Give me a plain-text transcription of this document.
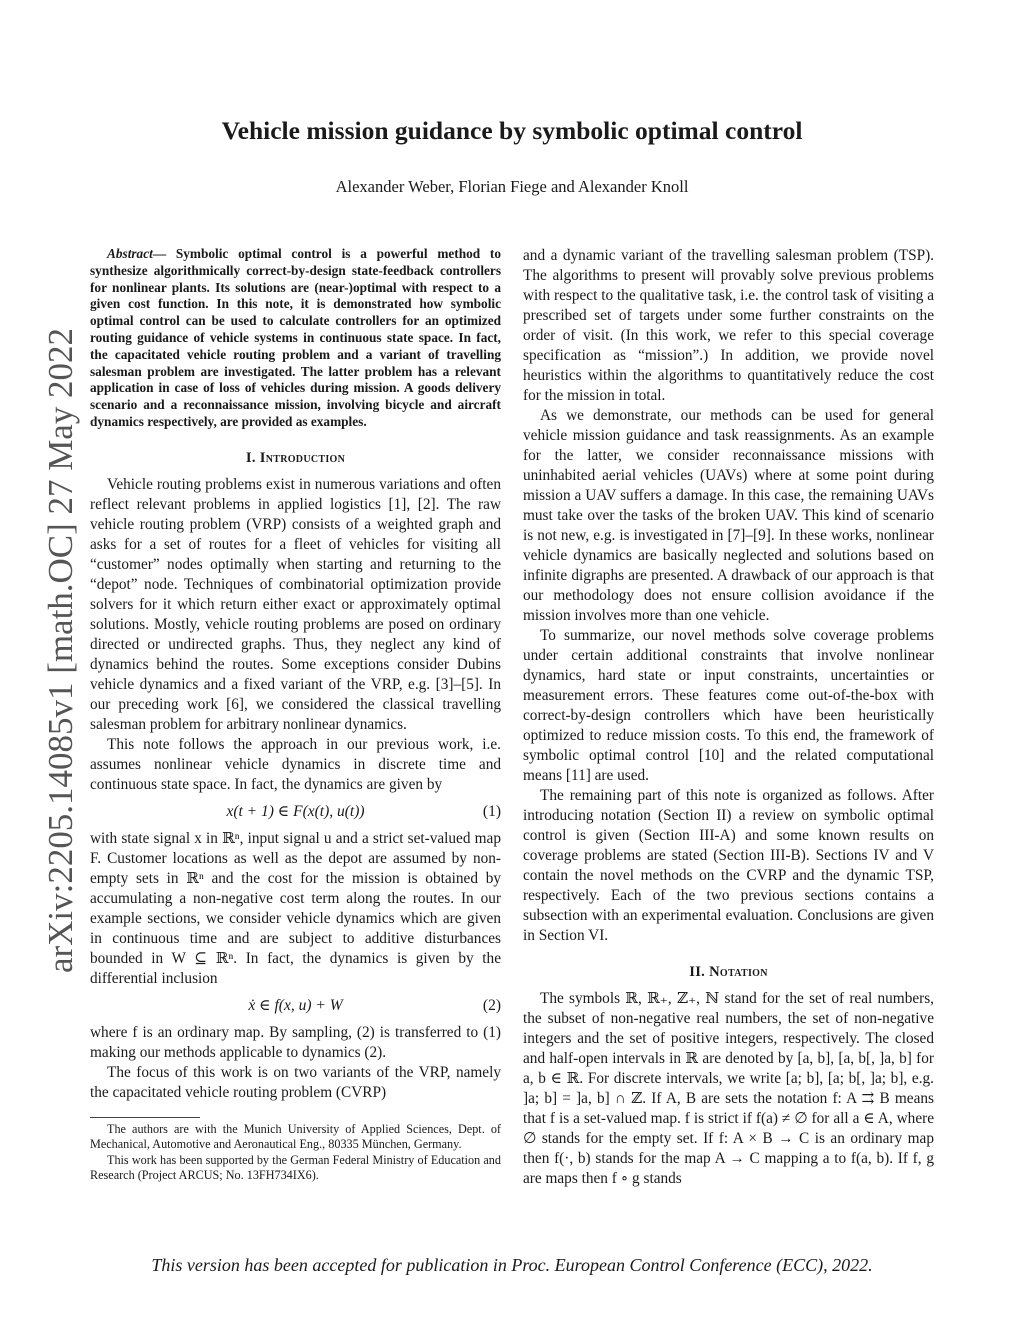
Vehicle mission guidance by symbolic optimal control
Alexander Weber, Florian Fiege and Alexander Knoll
arXiv:2205.14085v1 [math.OC] 27 May 2022

Abstract— Symbolic optimal control is a powerful method to synthesize algorithmically correct-by-design state-feedback controllers for nonlinear plants. Its solutions are (near-)optimal with respect to a given cost function. In this note, it is demonstrated how symbolic optimal control can be used to calculate controllers for an optimized routing guidance of vehicle systems in continuous state space. In fact, the capacitated vehicle routing problem and a variant of travelling salesman problem are investigated. The latter problem has a relevant application in case of loss of vehicles during mission. A goods delivery scenario and a reconnaissance mission, involving bicycle and aircraft dynamics respectively, are provided as examples.

I. Introduction

Vehicle routing problems exist in numerous variations and often reflect relevant problems in applied logistics [1], [2]. The raw vehicle routing problem (VRP) consists of a weighted graph and asks for a set of routes for a fleet of vehicles for visiting all “customer” nodes optimally when starting and returning to the “depot” node. Techniques of combinatorial optimization provide solvers for it which return either exact or approximately optimal solutions. Mostly, vehicle routing problems are posed on ordinary directed or undirected graphs. Thus, they neglect any kind of dynamics behind the routes. Some exceptions consider Dubins vehicle dynamics and a fixed variant of the VRP, e.g. [3]–[5]. In our preceding work [6], we considered the classical travelling salesman problem for arbitrary nonlinear dynamics.

This note follows the approach in our previous work, i.e. assumes nonlinear vehicle dynamics in discrete time and continuous state space. In fact, the dynamics are given by

x(t + 1) ∈ F(x(t), u(t))	(1)

with state signal x in ℝⁿ, input signal u and a strict set-valued map F. Customer locations as well as the depot are assumed by non-empty sets in ℝⁿ and the cost for the mission is obtained by accumulating a non-negative cost term along the routes. In our example sections, we consider vehicle dynamics which are given in continuous time and are subject to additive disturbances bounded in W ⊆ ℝⁿ. In fact, the dynamics is given by the differential inclusion

ẋ ∈ f(x, u) + W	(2)

where f is an ordinary map. By sampling, (2) is transferred to (1) making our methods applicable to dynamics (2).

The focus of this work is on two variants of the VRP, namely the capacitated vehicle routing problem (CVRP)

The authors are with the Munich University of Applied Sciences, Dept. of Mechanical, Automotive and Aeronautical Eng., 80335 München, Germany.

This work has been supported by the German Federal Ministry of Education and Research (Project ARCUS; No. 13FH734IX6).

and a dynamic variant of the travelling salesman problem (TSP). The algorithms to present will provably solve previous problems with respect to the qualitative task, i.e. the control task of visiting a prescribed set of targets under some further constraints on the order of visit. (In this work, we refer to this special coverage specification as “mission”.) In addition, we provide novel heuristics within the algorithms to quantitatively reduce the cost for the mission in total.

As we demonstrate, our methods can be used for general vehicle mission guidance and task reassignments. As an example for the latter, we consider reconnaissance missions with uninhabited aerial vehicles (UAVs) where at some point during mission a UAV suffers a damage. In this case, the remaining UAVs must take over the tasks of the broken UAV. This kind of scenario is not new, e.g. is investigated in [7]–[9]. In these works, nonlinear vehicle dynamics are basically neglected and solutions based on infinite digraphs are presented. A drawback of our approach is that our methodology does not ensure collision avoidance if the mission involves more than one vehicle.

To summarize, our novel methods solve coverage problems under certain additional constraints that involve nonlinear dynamics, hard state or input constraints, uncertainties or measurement errors. These features come out-of-the-box with correct-by-design controllers which have been heuristically optimized to reduce mission costs. To this end, the framework of symbolic optimal control [10] and the related computational means [11] are used.

The remaining part of this note is organized as follows. After introducing notation (Section II) a review on symbolic optimal control is given (Section III-A) and some known results on coverage problems are stated (Section III-B). Sections IV and V contain the novel methods on the CVRP and the dynamic TSP, respectively. Each of the two previous sections contains a subsection with an experimental evaluation. Conclusions are given in Section VI.

II. Notation

The symbols ℝ, ℝ₊, ℤ₊, ℕ stand for the set of real numbers, the subset of non-negative real numbers, the set of non-negative integers and the set of positive integers, respectively. The closed and half-open intervals in ℝ are denoted by [a, b], [a, b[, ]a, b] for a, b ∈ ℝ. For discrete intervals, we write [a; b], [a; b[, ]a; b], e.g. ]a; b] = ]a, b] ∩ ℤ. If A, B are sets the notation f: A ⇉ B means that f is a set-valued map. f is strict if f(a) ≠ ∅ for all a ∈ A, where ∅ stands for the empty set. If f: A × B → C is an ordinary map then f(·, b) stands for the map A → C mapping a to f(a, b). If f, g are maps then f ∘ g stands

This version has been accepted for publication in Proc. European Control Conference (ECC), 2022.
